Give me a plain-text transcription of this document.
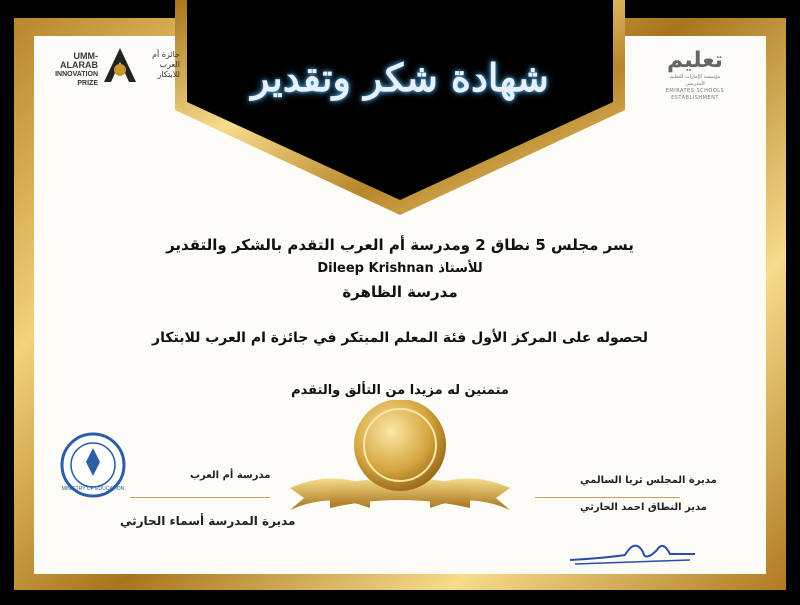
شهادة شكر وتقدير
UMM-ALARAB
INNOVATION
PRIZE
جائزة أم العرب للابتكار
تعليم
مؤسسة الإمارات للتعليم المدرسي
EMIRATES SCHOOLS
ESTABLISHMENT
يسر مجلس 5 نطاق 2 ومدرسة أم العرب التقدم بالشكر والتقدير
Dileep Krishnan للأستاذ
مدرسة الظاهرة
لحصوله على المركز الأول فئة المعلم المبتكر في جائزة ام العرب للابتكار
متمنين له مزيدا من التألق والتقدم
MINISTRY OF EDUCATION
مدرسة أم العرب
مديرة المدرسة أسماء الحارثي
مديرة المجلس ثريا السالمي
مدير النطاق احمد الحارثي
